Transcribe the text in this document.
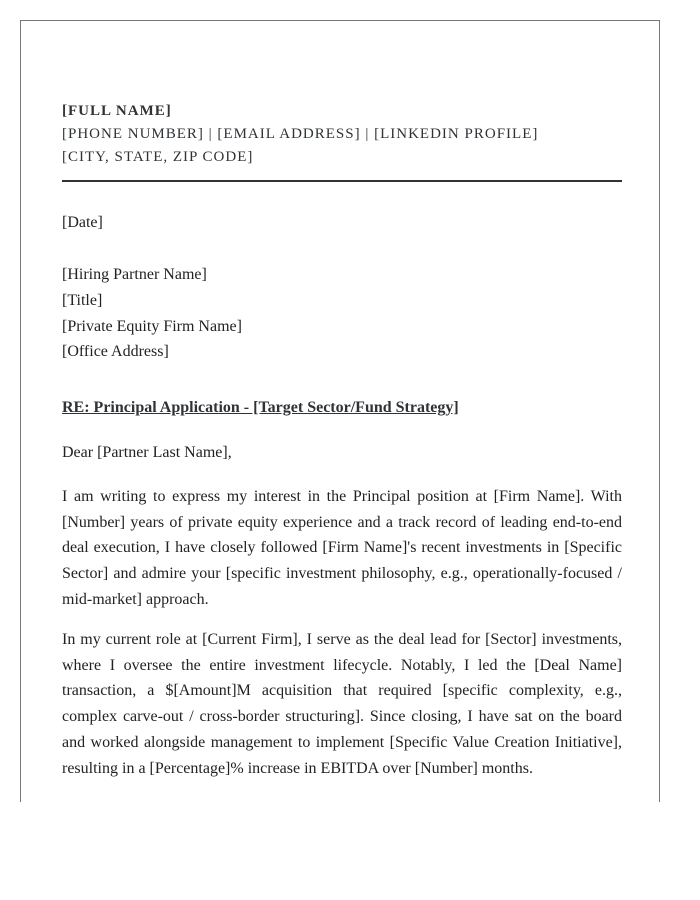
[FULL NAME]
[PHONE NUMBER] | [EMAIL ADDRESS] | [LINKEDIN PROFILE]
[CITY, STATE, ZIP CODE]
[Date]
[Hiring Partner Name]
[Title]
[Private Equity Firm Name]
[Office Address]
RE: Principal Application - [Target Sector/Fund Strategy]
Dear [Partner Last Name],
I am writing to express my interest in the Principal position at [Firm Name]. With [Number] years of private equity experience and a track record of leading end-to-end deal execution, I have closely followed [Firm Name]'s recent investments in [Specific Sector] and admire your [specific investment philosophy, e.g., operationally-focused / mid-market] approach.
In my current role at [Current Firm], I serve as the deal lead for [Sector] investments, where I oversee the entire investment lifecycle. Notably, I led the [Deal Name] transaction, a $[Amount]M acquisition that required [specific complexity, e.g., complex carve-out / cross-border structuring]. Since closing, I have sat on the board and worked alongside management to implement [Specific Value Creation Initiative], resulting in a [Percentage]% increase in EBITDA over [Number] months.
